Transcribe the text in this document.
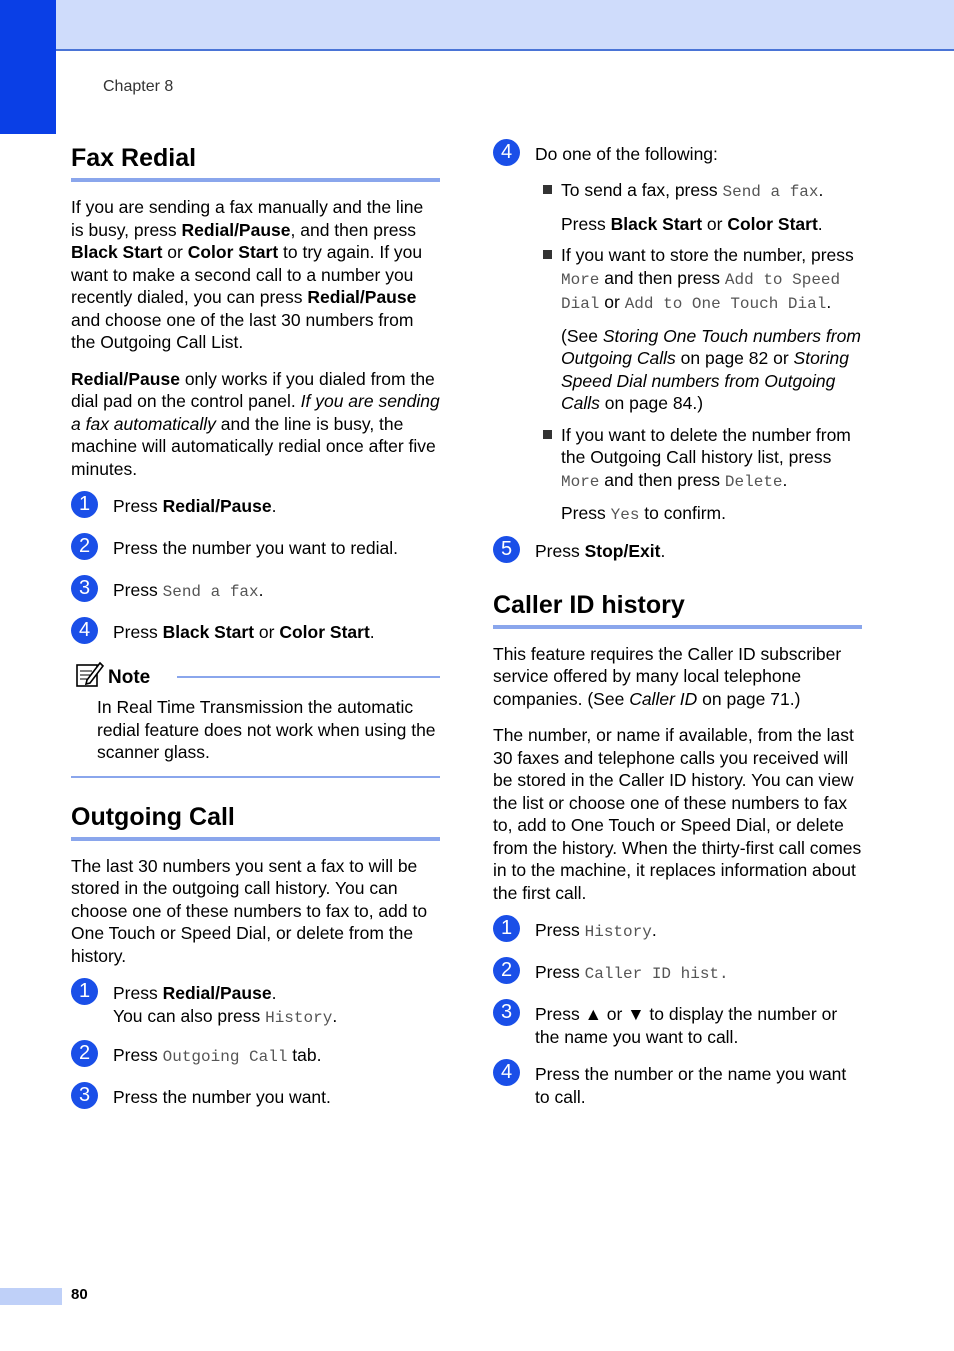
Chapter 8
Fax Redial

If you are sending a fax manually and the line is busy, press Redial/Pause, and then press Black Start or Color Start to try again. If you want to make a second call to a number you recently dialed, you can press Redial/Pause and choose one of the last 30 numbers from the Outgoing Call List.

Redial/Pause only works if you dialed from the dial pad on the control panel. If you are sending a fax automatically and the line is busy, the machine will automatically redial once after five minutes.

1	Press Redial/Pause.

2	Press the number you want to redial.

3	Press Send a fax.

4	Press Black Start or Color Start.

Note

In Real Time Transmission the automatic redial feature does not work when using the scanner glass.

Outgoing Call

The last 30 numbers you sent a fax to will be stored in the outgoing call history. You can choose one of these numbers to fax to, add to One Touch or Speed Dial, or delete from the history.

1	Press Redial/Pause.

You can also press History.

2	Press Outgoing Call tab.

3	Press the number you want.

4	Do one of the following:

To send a fax, press Send a fax.

Press Black Start or Color Start.

If you want to store the number, press More and then press Add to Speed Dial or Add to One Touch Dial.

(See Storing One Touch numbers from Outgoing Calls on page 82 or Storing Speed Dial numbers from Outgoing Calls on page 84.)

If you want to delete the number from the Outgoing Call history list, press More and then press Delete.

Press Yes to confirm.

5	Press Stop/Exit.

Caller ID history

This feature requires the Caller ID subscriber service offered by many local telephone companies. (See Caller ID on page 71.)

The number, or name if available, from the last 30 faxes and telephone calls you received will be stored in the Caller ID history. You can view the list or choose one of these numbers to fax to, add to One Touch or Speed Dial, or delete from the history. When the thirty-first call comes in to the machine, it replaces information about the first call.

1	Press History.

2	Press Caller ID hist.

3	Press ▲ or ▼ to display the number or the name you want to call.

4	Press the number or the name you want to call.

80
